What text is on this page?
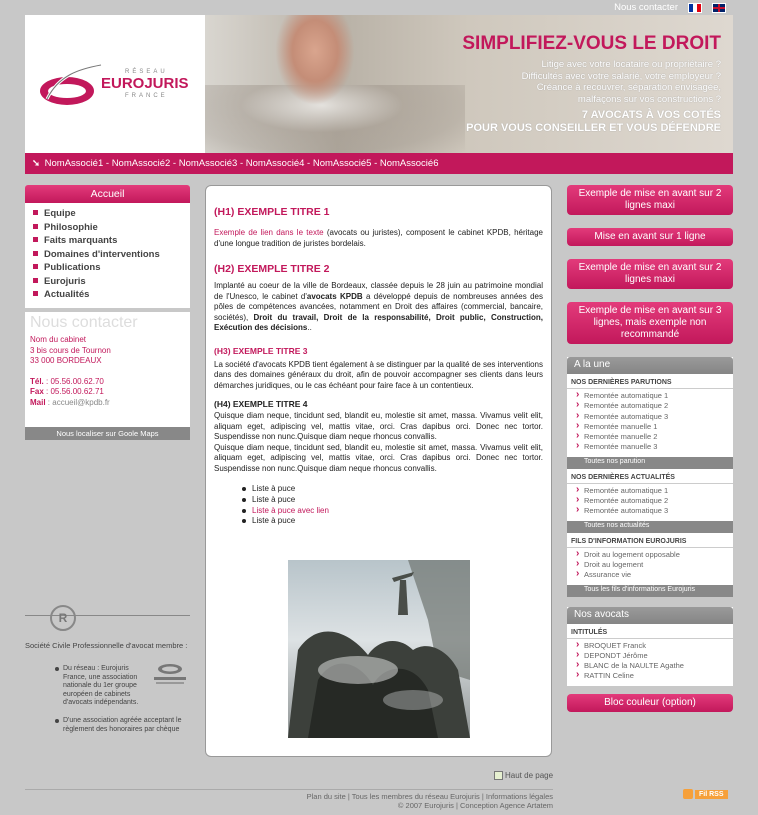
Nous contacter
RÉSEAU
EUROJURIS
FRANCE
SIMPLIFIEZ-VOUS LE DROIT
Litige avec votre locataire ou propriétaire ?
Difficultés avec votre salarié, votre employeur ?
Créance à recouvrer, séparation envisagée,
malfaçons sur vos constructions ?
7 AVOCATS À VOS COTÉS
POUR VOUS CONSEILLER ET VOUS DÉFENDRE
➘ NomAssocié1 - NomAssocié2 - NomAssocié3 - NomAssocié4 - NomAssocié5 - NomAssocié6
Accueil
Equipe
Philosophie
Faits marquants
Domaines d'interventions
Publications
Eurojuris
Actualités
Nous contacter
Nom du cabinet
3 bis cours de Tournon
33 000 BORDEAUX
Tél. : 05.56.00.62.70
Fax : 05.56.00.62.71
Mail : accueil@kpdb.fr
Nous localiser sur Goole Maps
R
Société Civile Professionnelle d'avocat membre :
Du réseau : Eurojuris France, une association nationale du 1er groupe européen de cabinets d'avocats indépendants.
D'une association agréée acceptant le règlement des honoraires par chèque
(H1) EXEMPLE TITRE 1

Exemple de lien dans le texte (avocats ou juristes), composent le cabinet KPDB, héritage d'une longue tradition de juristes bordelais.

(H2) EXEMPLE TITRE 2

Implanté au coeur de la ville de Bordeaux, classée depuis le 28 juin au patrimoine mondial de l'Unesco, le cabinet d'avocats KPDB a développé depuis de nombreuses années des pôles de compétences avancées, notamment en Droit des affaires (commercial, bancaire, sociétés), Droit du travail, Droit de la responsabilité, Droit public, Construction, Exécution des décisions..

(H3) EXEMPLE TITRE 3

La société d'avocats KPDB tient également à se distinguer par la qualité de ses interventions dans des domaines généraux du droit, afin de pouvoir accompagner ses clients dans leurs démarches juridiques, ou le cas échéant pour faire face à un contentieux.

(H4) EXEMPLE TITRE 4

Quisque diam neque, tincidunt sed, blandit eu, molestie sit amet, massa. Vivamus velit elit, aliquam eget, adipiscing vel, mattis vitae, orci. Cras dapibus orci. Donec nec tortor. Suspendisse non nunc.Quisque diam neque rhoncus convallis.

Quisque diam neque, tincidunt sed, blandit eu, molestie sit amet, massa. Vivamus velit elit, aliquam eget, adipiscing vel, mattis vitae, orci. Cras dapibus orci. Donec nec tortor. Suspendisse non nunc.Quisque diam neque rhoncus convallis.

Liste à puce
Liste à puce
Liste à puce avec lien
Liste à puce
Haut de page
Exemple de mise en avant sur 2 lignes maxi
Mise en avant sur 1 ligne
Exemple de mise en avant sur 2 lignes maxi
Exemple de mise en avant sur 3 lignes, mais exemple non recommandé
A la une
NOS DERNIÈRES PARUTIONS
› Remontée automatique 1
› Remontée automatique 2
› Remontée automatique 3
› Remontée manuelle 1
› Remontée manuelle 2
› Remontée manuelle 3
Toutes nos parution
NOS DERNIÈRES ACTUALITÉS
› Remontée automatique 1
› Remontée automatique 2
› Remontée automatique 3
Toutes nos actualités
FILS D'INFORMATION EUROJURIS
› Droit au logement opposable
› Droit au logement
› Assurance vie
Tous les fils d'informations Eurojuris
Nos avocats
INTITULÉS
› BROQUET Franck
› DEPONDT Jérôme
› BLANC de la NAULTE Agathe
› RATTIN Celine
Bloc couleur (option)
Plan du site | Tous les membres du réseau Eurojuris | Informations légales
© 2007 Eurojuris | Conception Agence Artatem
Fil RSS
